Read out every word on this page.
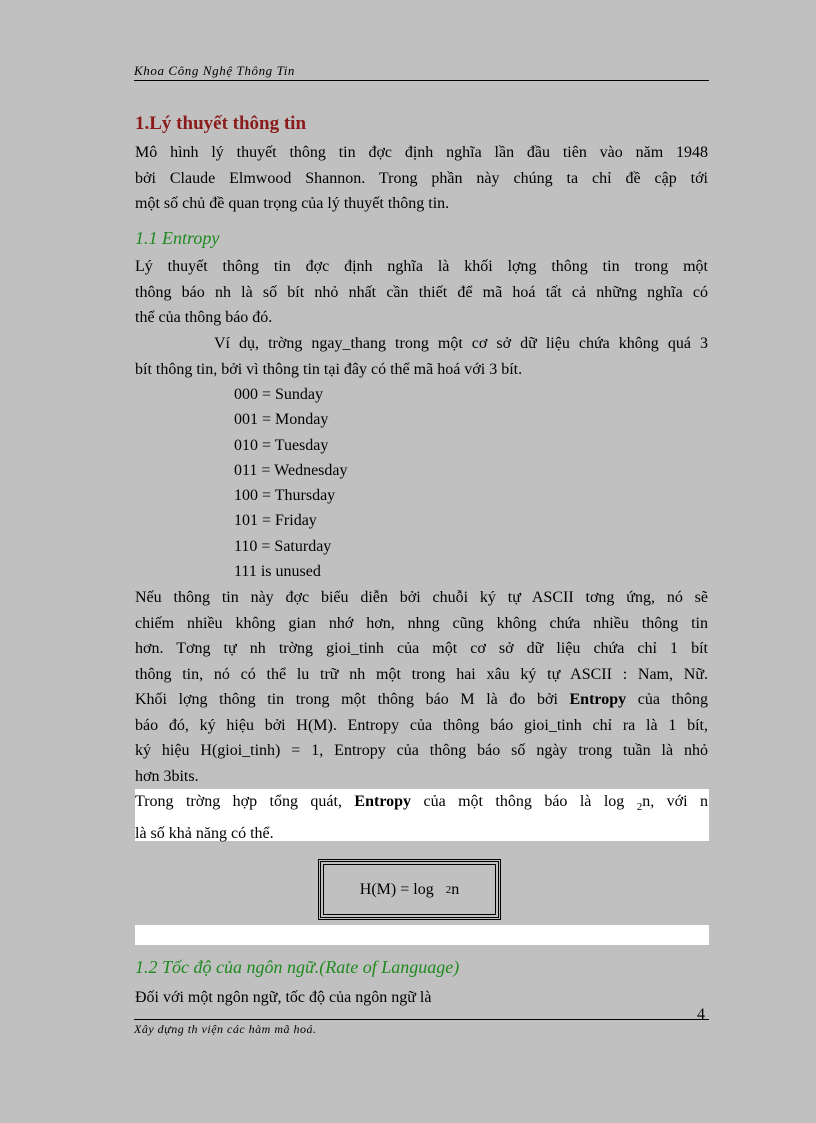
Khoa Công Nghệ Thông Tin
1.Lý thuyết thông tin
Mô hình lý thuyết thông tin đợc định nghĩa lần đầu tiên vào năm 1948
bởi Claude Elmwood Shannon. Trong phần này chúng ta chỉ đề cập tới
một số chủ đề quan trọng của lý thuyết thông tin.
1.1 Entropy
Lý thuyết thông tin đợc định nghĩa là khối lợng thông tin trong một
thông báo nh là số bít nhỏ nhất cần thiết để mã hoá tất cả những nghĩa có
thể của thông báo đó.
Ví dụ, trờng ngay_thang trong một cơ sở dữ liệu chứa không quá 3
bít thông tin, bởi vì thông tin tại đây có thể mã hoá với 3 bít.
000 = Sunday
001 = Monday
010 = Tuesday
011 = Wednesday
100 = Thursday
101 = Friday
110 = Saturday
111 is unused
Nếu thông tin này đợc biểu diễn bởi chuỗi ký tự ASCII tơng ứng, nó sẽ
chiếm nhiều không gian nhớ hơn, nhng cũng không chứa nhiều thông tin
hơn. Tơng tự nh trờng gioi_tinh của một cơ sở dữ liệu chứa chỉ 1 bít
thông tin, nó có thể lu trữ nh một trong hai xâu ký tự ASCII : Nam, Nữ.
Khối lợng thông tin trong một thông báo M là đo bởi Entropy của thông
báo đó, ký hiệu bởi H(M). Entropy của thông báo gioi_tinh chỉ ra là 1 bít,
ký hiệu H(gioi_tinh) = 1, Entropy của thông báo số ngày trong tuần là nhỏ
hơn 3bits.
Trong trờng hợp tổng quát, Entropy của một thông báo là log $_2$n, với n
là số khả năng có thể.
H(M) = log 2 n
1.2 Tốc độ của ngôn ngữ.(Rate of Language)
Đối với một ngôn ngữ, tốc độ của ngôn ngữ là
4
Xây dựng th viện các hàm mã hoá.
